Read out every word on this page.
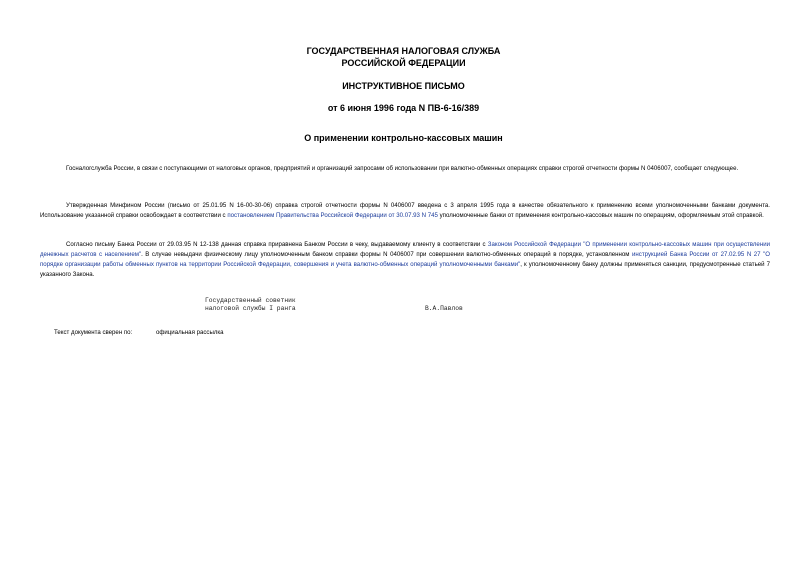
ГОСУДАРСТВЕННАЯ НАЛОГОВАЯ СЛУЖБА
РОССИЙСКОЙ ФЕДЕРАЦИИ
ИНСТРУКТИВНОЕ ПИСЬМО
от 6 июня 1996 года N ПВ-6-16/389
О применении контрольно-кассовых машин

Госналогслужба России, в связи с поступающими от налоговых органов, предприятий и организаций запросами об использовании при валютно-обменных операциях справки строгой отчетности формы N 0406007, сообщает следующее.

Утвержденная Минфином России (письмо от 25.01.95 N 16-00-30-06) справка строгой отчетности формы N 0406007 введена с 3 апреля 1995 года в качестве обязательного к применению всеми уполномоченными банками документа. Использование указанной справки освобождает в соответствии с постановлением Правительства Российской Федерации от 30.07.93 N 745 уполномоченные банки от применения контрольно-кассовых машин по операциям, оформляемым этой справкой.

Согласно письму Банка России от 29.03.95 N 12-138 данная справка приравнена Банком России в чеку, выдаваемому клиенту в соответствии с Законом Российской Федерации "О применении контрольно-кассовых машин при осуществлении денежных расчетов с населением". В случае невыдачи физическому лицу уполномоченным банком справки формы N 0406007 при совершении валютно-обменных операций в порядке, установленном инструкцией Банка России от 27.02.95 N 27 "О порядке организации работы обменных пунктов на территории Российской Федерации, совершения и учета валютно-обменных операций уполномоченными банками", к уполномоченному банку должны применяться санкции, предусмотренные статьей 7 указанного Закона.

Государственный советник
налоговой службы I ранга	В.А.Павлов
Текст документа сверен по:	официальная рассылка
